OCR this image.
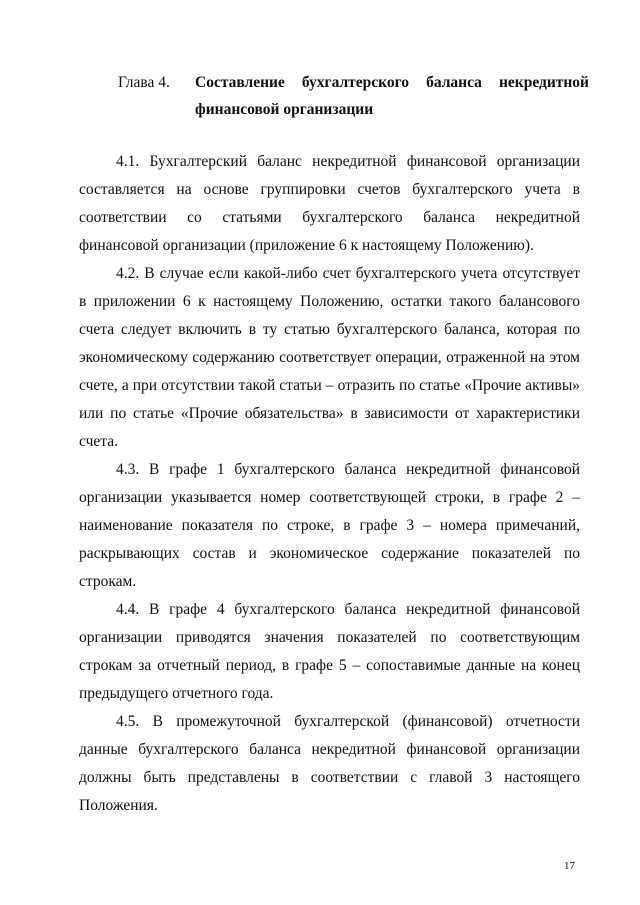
Глава 4. Составление бухгалтерского баланса некредитной
финансовой организации

4.1. Бухгалтерский баланс некредитной финансовой организации составляется на основе группировки счетов бухгалтерского учета в соответствии со статьями бухгалтерского баланса некредитной финансовой организации (приложение 6 к настоящему Положению).

4.2. В случае если какой-либо счет бухгалтерского учета отсутствует в приложении 6 к настоящему Положению, остатки такого балансового счета следует включить в ту статью бухгалтерского баланса, которая по экономическому содержанию соответствует операции, отраженной на этом счете, а при отсутствии такой статьи – отразить по статье «Прочие активы» или по статье «Прочие обязательства» в зависимости от характеристики счета.

4.3. В графе 1 бухгалтерского баланса некредитной финансовой организации указывается номер соответствующей строки, в графе 2 – наименование показателя по строке, в графе 3 – номера примечаний, раскрывающих состав и экономическое содержание показателей по строкам.

4.4. В графе 4 бухгалтерского баланса некредитной финансовой организации приводятся значения показателей по соответствующим строкам за отчетный период, в графе 5 – сопоставимые данные на конец предыдущего отчетного года.

4.5. В промежуточной бухгалтерской (финансовой) отчетности данные бухгалтерского баланса некредитной финансовой организации должны быть представлены в соответствии с главой 3 настоящего Положения.

17
